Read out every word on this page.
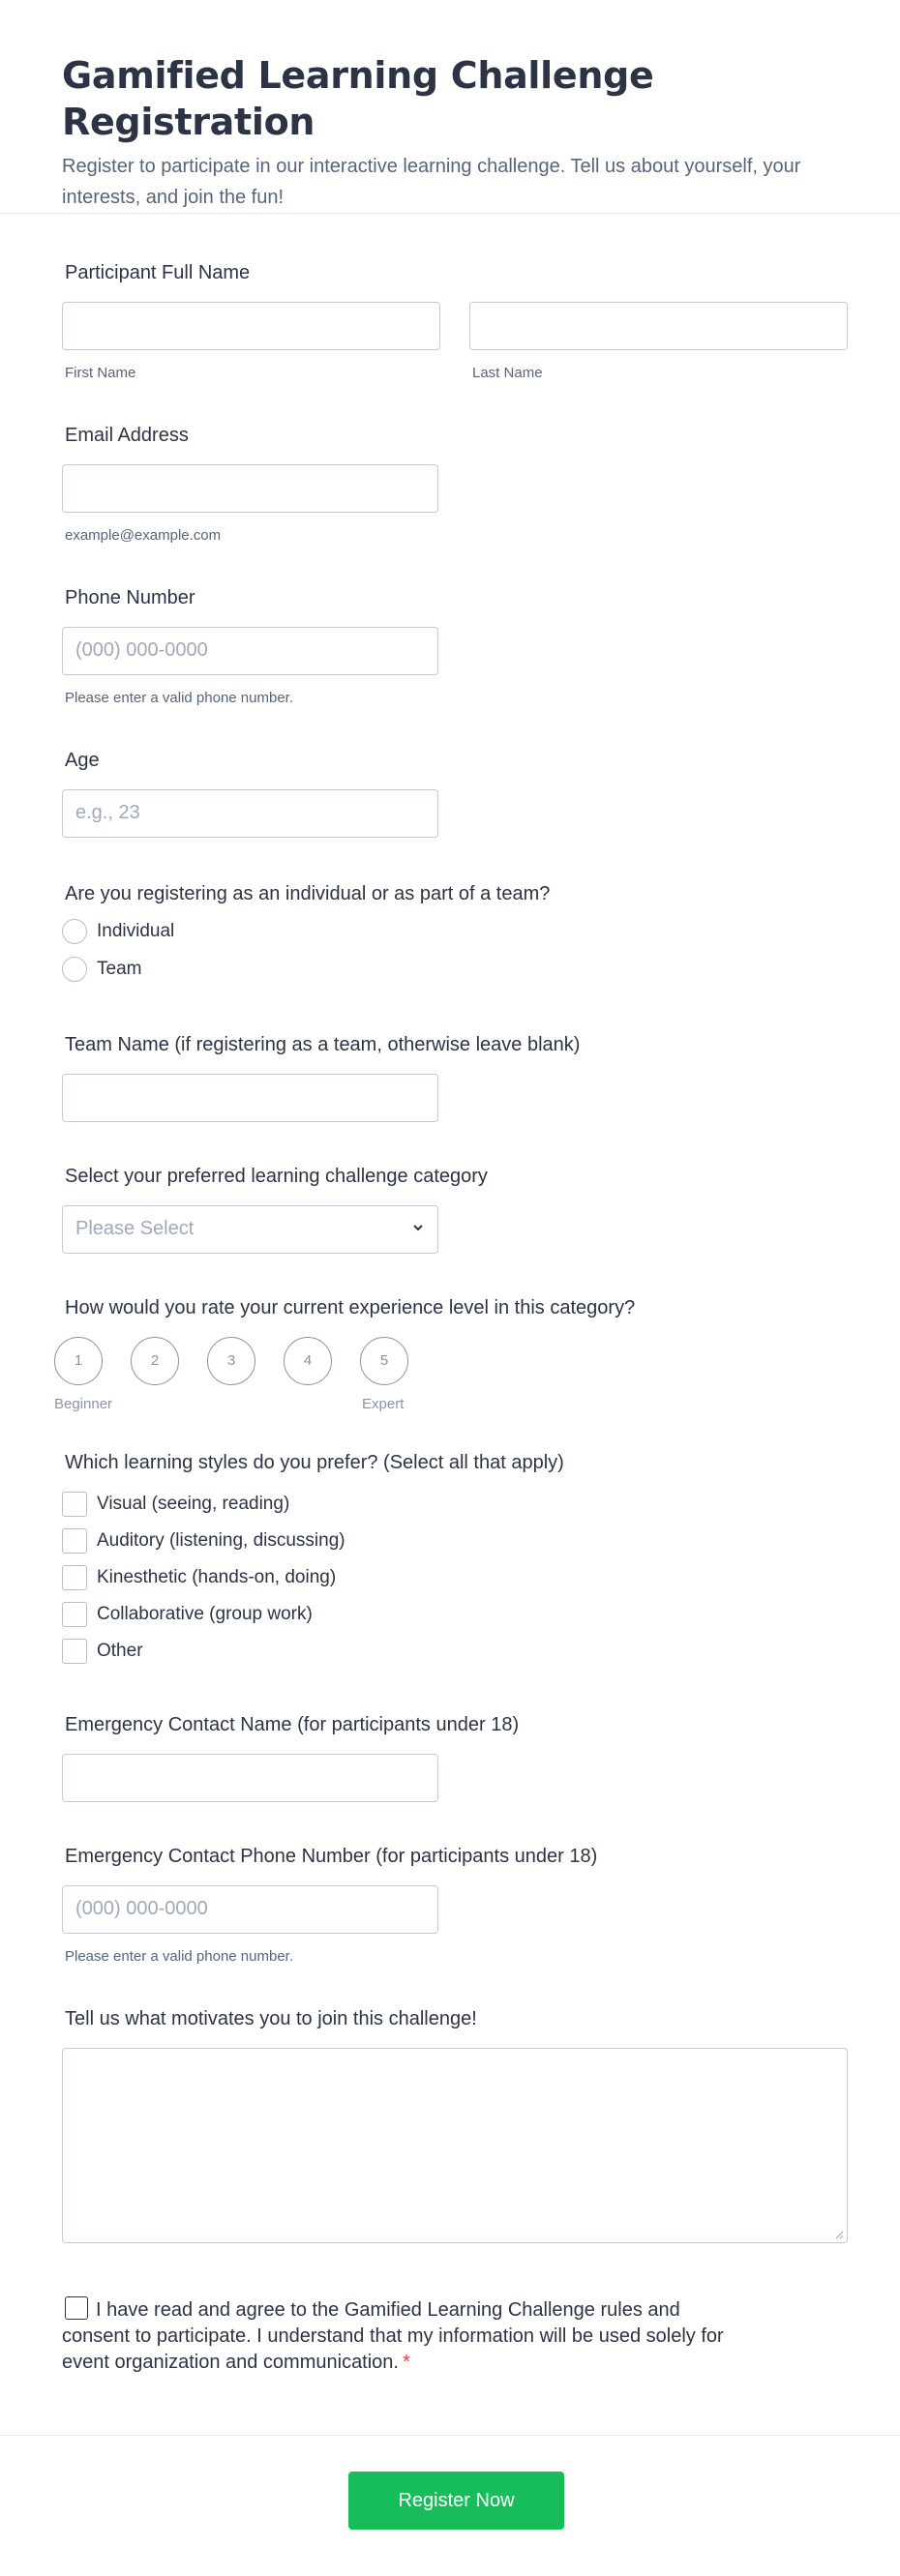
Gamified Learning Challenge Registration

Register to participate in our interactive learning challenge. Tell us about yourself, your interests, and join the fun!

Participant Full Name
First Name	Last Name
Email Address
example@example.com
Phone Number
(000) 000-0000
Please enter a valid phone number.
Age
e.g., 23
Are you registering as an individual or as part of a team?
Individual
Team
Team Name (if registering as a team, otherwise leave blank)
Select your preferred learning challenge category
Please Select
How would you rate your current experience level in this category?
1	2	3	4	5
Beginner	Expert
Which learning styles do you prefer? (Select all that apply)
Visual (seeing, reading)
Auditory (listening, discussing)
Kinesthetic (hands-on, doing)
Collaborative (group work)
Other
Emergency Contact Name (for participants under 18)
Emergency Contact Phone Number (for participants under 18)
(000) 000-0000
Please enter a valid phone number.
Tell us what motivates you to join this challenge!
I have read and agree to the Gamified Learning Challenge rules and consent to participate. I understand that my information will be used solely for event organization and communication. *
Register Now
